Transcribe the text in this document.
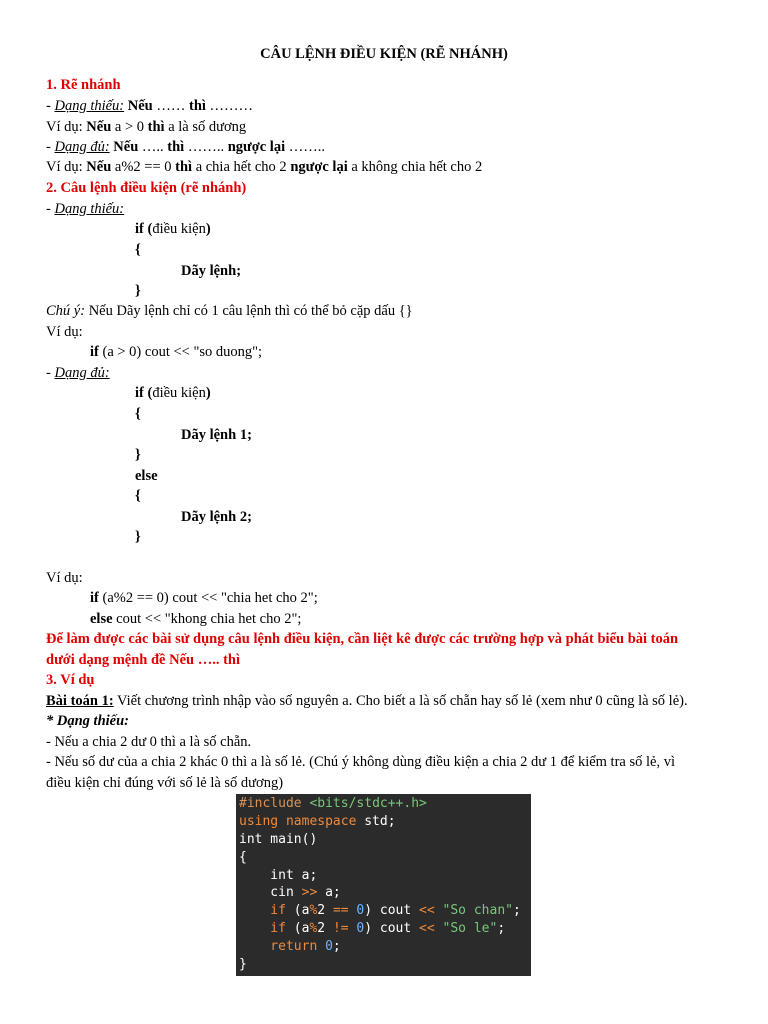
CÂU LỆNH ĐIỀU KIỆN (RẼ NHÁNH)
1. Rẽ nhánh
- Dạng thiếu: Nếu …… thì ………
Ví dụ: Nếu a > 0 thì a là số dương
- Dạng đủ: Nếu ….. thì …….. ngược lại ……..
Ví dụ: Nếu a%2 == 0 thì a chia hết cho 2 ngược lại a không chia hết cho 2
2. Câu lệnh điều kiện (rẽ nhánh)
- Dạng thiếu:
if (điều kiện)
{
Dãy lệnh;
}
Chú ý: Nếu Dãy lệnh chỉ có 1 câu lệnh thì có thể bỏ cặp dấu {}
Ví dụ:
if (a > 0) cout << "so duong";
- Dạng đủ:
if (điều kiện)
{
Dãy lệnh 1;
}
else
{
Dãy lệnh 2;
}
Ví dụ:
if (a%2 == 0) cout << "chia het cho 2";
else cout << "khong chia het cho 2";
Để làm được các bài sử dụng câu lệnh điều kiện, cần liệt kê được các trường hợp và phát biểu bài toán
dưới dạng mệnh đề Nếu ….. thì
3. Ví dụ
Bài toán 1: Viết chương trình nhập vào số nguyên a. Cho biết a là số chẵn hay số lẻ (xem như 0 cũng là số lẻ).
* Dạng thiếu:
- Nếu a chia 2 dư 0 thì a là số chẵn.
- Nếu số dư của a chia 2 khác 0 thì a là số lẻ. (Chú ý không dùng điều kiện a chia 2 dư 1 để kiểm tra số lẻ, vì
điều kiện chỉ đúng với số lẻ là số dương)
#include <bits/stdc++.h>
using namespace std;
int main()
{
int a;
cin >> a;
if (a%2 == 0) cout << "So chan";
if (a%2 != 0) cout << "So le";
return 0;
}
